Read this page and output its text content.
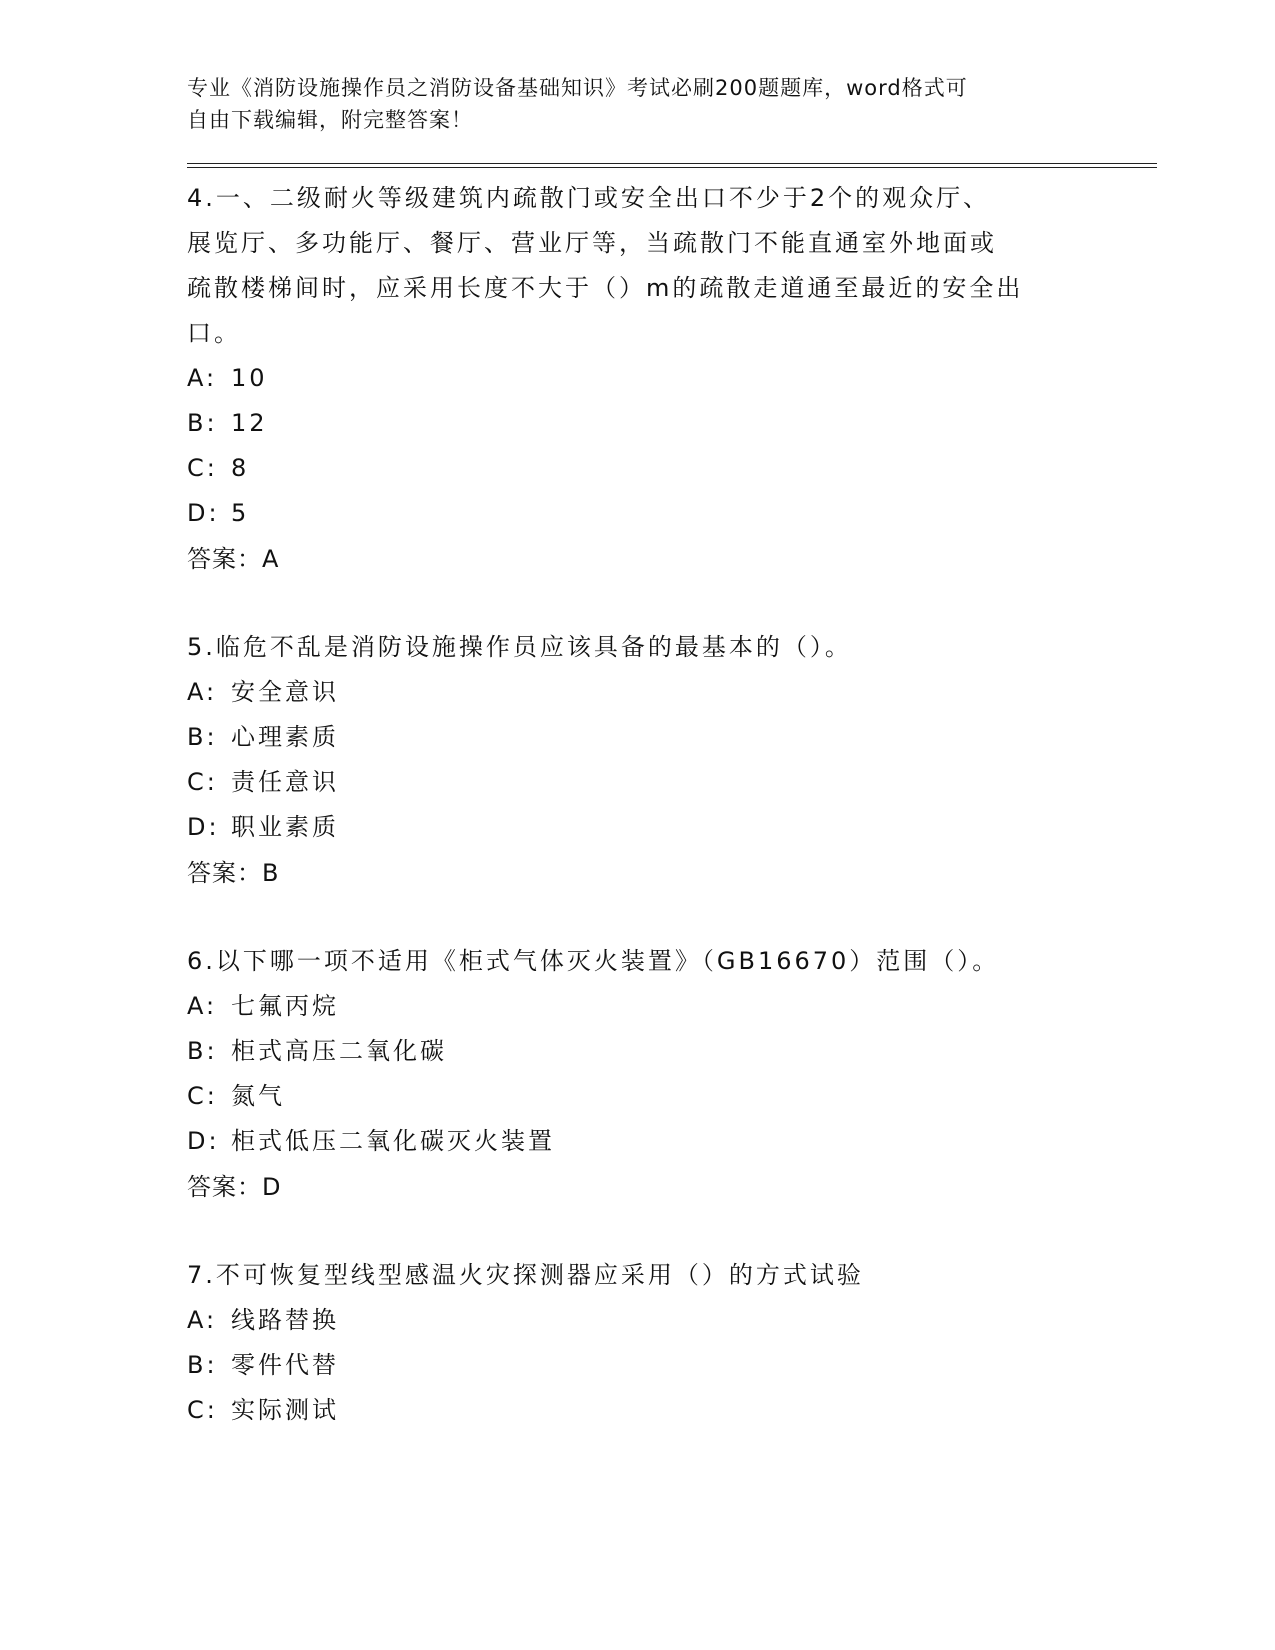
专业《消防设施操作员之消防设备基础知识》考试必刷200题题库，word格式可
自由下载编辑，附完整答案！
4.一、二级耐火等级建筑内疏散门或安全出口不少于2个的观众厅、
展览厅、多功能厅、餐厅、营业厅等，当疏散门不能直通室外地面或
疏散楼梯间时，应采用长度不大于（）m的疏散走道通至最近的安全出
口。
A: 10
B: 12
C: 8
D: 5
答案：A
5.临危不乱是消防设施操作员应该具备的最基本的（）。
A: 安全意识
B: 心理素质
C: 责任意识
D: 职业素质
答案：B
6.以下哪一项不适用《柜式气体灭火装置》（GB16670）范围（）。
A: 七氟丙烷
B: 柜式高压二氧化碳
C: 氮气
D: 柜式低压二氧化碳灭火装置
答案：D
7.不可恢复型线型感温火灾探测器应采用（）的方式试验
A: 线路替换
B: 零件代替
C: 实际测试
